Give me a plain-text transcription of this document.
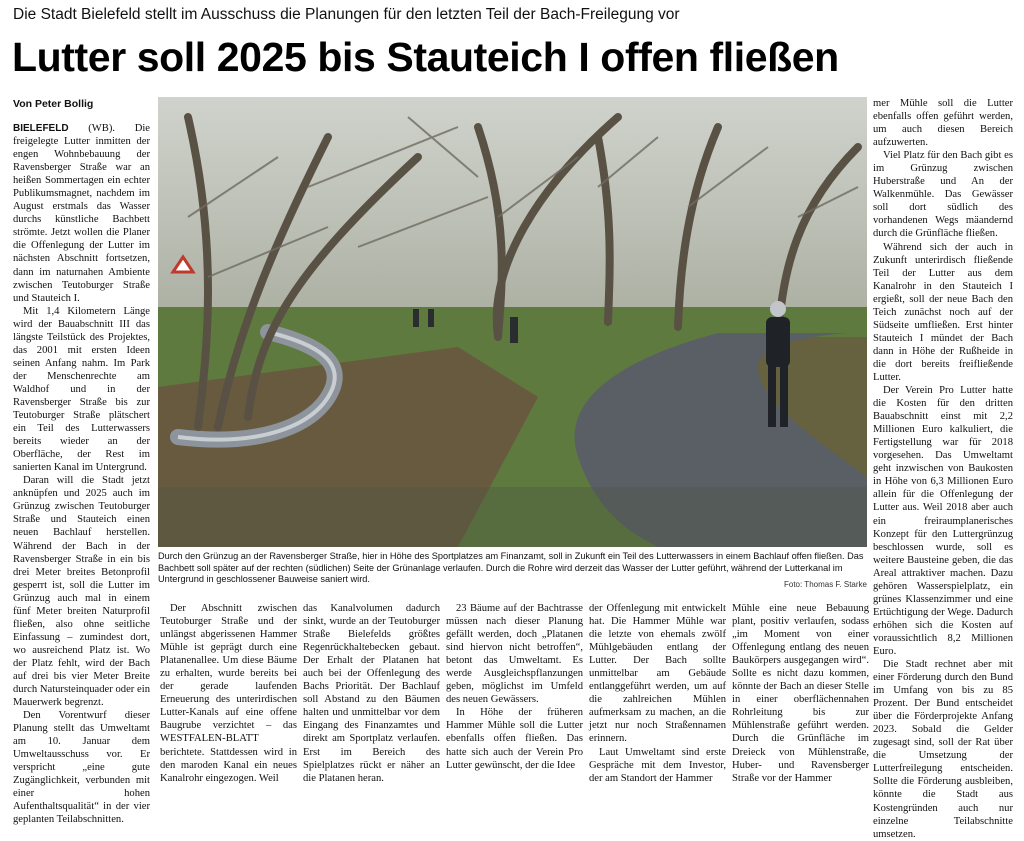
Die Stadt Bielefeld stellt im Ausschuss die Planungen für den letzten Teil der Bach-Freilegung vor
Lutter soll 2025 bis Stauteich I offen fließen
Von Peter Bollig

BIELEFELD (WB). Die freigelegte Lutter inmitten der engen Wohnbebauung der Ravensberger Straße war an heißen Sommertagen ein echter Publikumsmagnet, nachdem im August erstmals das Wasser durchs künstliche Bachbett strömte. Jetzt wollen die Planer die Offenlegung der Lutter im nächsten Abschnitt fortsetzen, dann im naturnahen Ambiente zwischen Teutoburger Straße und Stauteich I.

Mit 1,4 Kilometern Länge wird der Bauabschnitt III das längste Teilstück des Projektes, das 2001 mit ersten Ideen seinen Anfang nahm. Im Park der Menschenrechte am Waldhof und in der Ravensberger Straße bis zur Teutoburger Straße plätschert ein Teil des Lutterwassers bereits wieder an der Oberfläche, der Rest im sanierten Kanal im Untergrund.

Daran will die Stadt jetzt anknüpfen und 2025 auch im Grünzug zwischen Teutoburger Straße und Stauteich einen neuen Bachlauf herstellen. Während der Bach in der Ravensberger Straße in ein bis drei Meter breites Betonprofil gesperrt ist, soll die Lutter im Grünzug auch mal in einem fünf Meter breiten Naturprofil fließen, also ohne seitliche Einfassung – zumindest dort, wo ausreichend Platz ist. Wo der Platz fehlt, wird der Bach auf drei bis vier Meter Breite durch Natursteinquader oder ein Mauerwerk begrenzt.

Den Vorentwurf dieser Planung stellt das Umweltamt am 10. Januar dem Umweltausschuss vor. Er verspricht „eine gute Zugänglichkeit, verbunden mit einer hohen Aufenthaltsqualität“ in der vier geplanten Teilabschnitten.

Durch den Grünzug an der Ravensberger Straße, hier in Höhe des Sportplatzes am Finanzamt, soll in Zukunft ein Teil des Lutterwassers in einem Bachlauf offen fließen. Das Bachbett soll später auf der rechten (südlichen) Seite der Grünanlage verlaufen. Durch die Rohre wird derzeit das Wasser der Lutter geführt, während der Lutterkanal im Untergrund in geschlossener Bauweise saniert wird.
Foto: Thomas F. Starke

Der Abschnitt zwischen Teutoburger Straße und der unlängst abgerissenen Hammer Mühle ist geprägt durch eine Platanenallee. Um diese Bäume zu erhalten, wurde bereits bei der gerade laufenden Erneuerung des unterirdischen Lutter-Kanals auf eine offene Baugrube verzichtet – das WESTFALEN-BLATT berichtete. Stattdessen wird in den maroden Kanal ein neues Kanalrohr eingezogen. Weil

das Kanalvolumen dadurch sinkt, wurde an der Teutoburger Straße Bielefelds größtes Regenrückhaltebecken gebaut. Der Erhalt der Platanen hat auch bei der Offenlegung des Bachs Priorität. Der Bachlauf soll Abstand zu den Bäumen halten und unmittelbar vor dem Eingang des Finanzamtes und direkt am Sportplatz verlaufen. Erst im Bereich des Spielplatzes rückt er näher an die Platanen heran.

23 Bäume auf der Bachtrasse müssen nach dieser Planung gefällt werden, doch „Platanen sind hiervon nicht betroffen“, betont das Umweltamt. Es werde Ausgleichspflanzungen geben, möglichst im Umfeld des neuen Gewässers.

In Höhe der früheren Hammer Mühle soll die Lutter ebenfalls offen fließen. Das hatte sich auch der Verein Pro Lutter gewünscht, der die Idee

der Offenlegung mit entwickelt hat. Die Hammer Mühle war die letzte von ehemals zwölf Mühlgebäuden entlang der Lutter. Der Bach sollte unmittelbar am Gebäude entlanggeführt werden, um auf die zahlreichen Mühlen aufmerksam zu machen, an die jetzt nur noch Straßennamen erinnern.

Laut Umweltamt sind erste Gespräche mit dem Investor, der am Standort der Hammer

Mühle eine neue Bebauung plant, positiv verlaufen, sodass „im Moment von einer Offenlegung entlang des neuen Baukörpers ausgegangen wird“. Sollte es nicht dazu kommen, könnte der Bach an dieser Stelle in einer oberflächennahen Rohrleitung bis zur Mühlenstraße geführt werden. Durch die Grünfläche im Dreieck von Mühlenstraße, Huber- und Ravensberger Straße vor der Hammer

mer Mühle soll die Lutter ebenfalls offen geführt werden, um auch diesen Bereich aufzuwerten.

Viel Platz für den Bach gibt es im Grünzug zwischen Huberstraße und An der Walkenmühle. Das Gewässer soll dort südlich des vorhandenen Wegs mäandernd durch die Grünfläche fließen.

Während sich der auch in Zukunft unterirdisch fließende Teil der Lutter aus dem Kanalrohr in den Stauteich I ergießt, soll der neue Bach den Teich zunächst noch auf der Südseite umfließen. Erst hinter Stauteich I mündet der Bach dann in Höhe der Rußheide in die dort bereits freifließende Lutter.

Der Verein Pro Lutter hatte die Kosten für den dritten Bauabschnitt einst mit 2,2 Millionen Euro kalkuliert, die Fertigstellung war für 2018 vorgesehen. Das Umweltamt geht inzwischen von Baukosten in Höhe von 6,3 Millionen Euro allein für die Offenlegung der Lutter aus. Weil 2018 aber auch ein freiraumplanerisches Konzept für den Luttergrünzug beschlossen wurde, soll es weitere Bausteine geben, die das Areal attraktiver machen. Dazu gehören Wasserspielplatz, ein grünes Klassenzimmer und eine Ertüchtigung der Wege. Dadurch erhöhen sich die Kosten auf voraussichtlich 8,2 Millionen Euro.

Die Stadt rechnet aber mit einer Förderung durch den Bund im Umfang von bis zu 85 Prozent. Der Bund entscheidet über die Förderprojekte Anfang 2023. Sobald die Gelder zugesagt sind, soll der Rat über die Umsetzung der Lutterfreilegung entscheiden. Sollte die Förderung ausbleiben, könnte die Stadt aus Kostengründen auch nur einzelne Teilabschnitte umsetzen.
